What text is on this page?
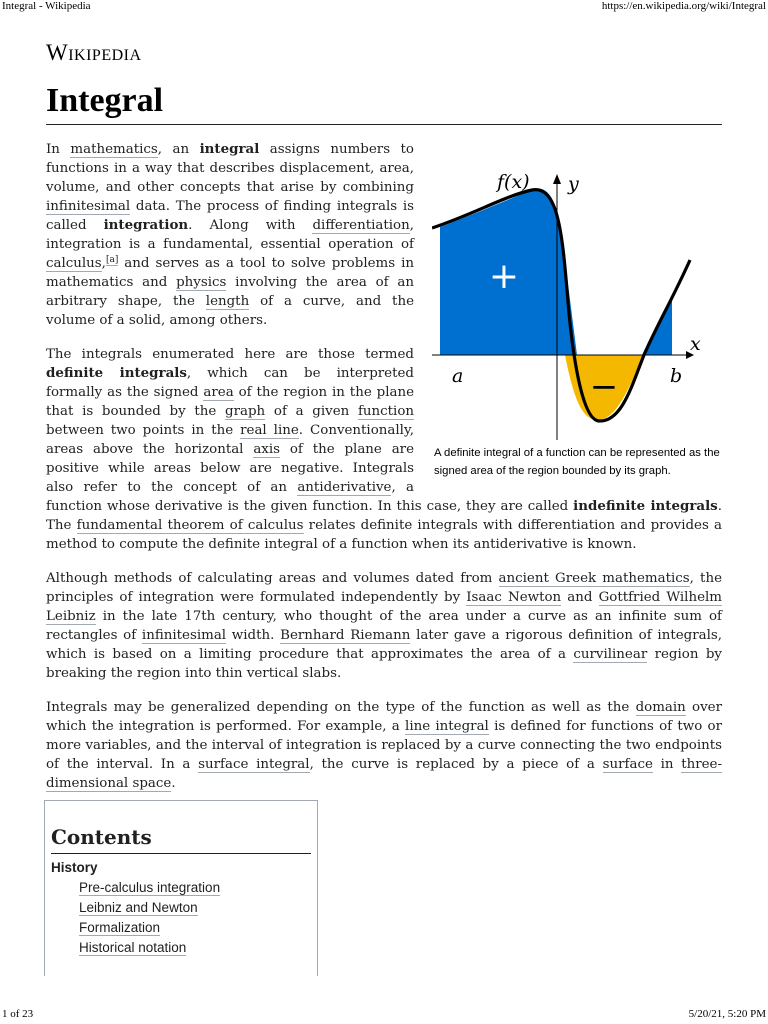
Integral - Wikipedia	https://en.wikipedia.org/wiki/Integral
Wikipedia
Integral
f(x) y
x
a	b
+
−
A definite integral of a function can be represented as the signed area of the region bounded by its graph.

In mathematics, an integral assigns numbers to functions in a way that describes displacement, area, volume, and other concepts that arise by combining infinitesimal data. The process of finding integrals is called integration. Along with differentiation, integration is a fundamental, essential operation of calculus,[a] and serves as a tool to solve problems in mathematics and physics involving the area of an arbitrary shape, the length of a curve, and the volume of a solid, among others.

The integrals enumerated here are those termed definite integrals, which can be interpreted formally as the signed area of the region in the plane that is bounded by the graph of a given function between two points in the real line. Conventionally, areas above the horizontal axis of the plane are positive while areas below are negative. Integrals also refer to the concept of an antiderivative, a function whose derivative is the given function. In this case, they are called indefinite integrals. The fundamental theorem of calculus relates definite integrals with differentiation and provides a method to compute the definite integral of a function when its antiderivative is known.

Although methods of calculating areas and volumes dated from ancient Greek mathematics, the principles of integration were formulated independently by Isaac Newton and Gottfried Wilhelm Leibniz in the late 17th century, who thought of the area under a curve as an infinite sum of rectangles of infinitesimal width. Bernhard Riemann later gave a rigorous definition of integrals, which is based on a limiting procedure that approximates the area of a curvilinear region by breaking the region into thin vertical slabs.

Integrals may be generalized depending on the type of the function as well as the domain over which the integration is performed. For example, a line integral is defined for functions of two or more variables, and the interval of integration is replaced by a curve connecting the two endpoints of the interval. In a surface integral, the curve is replaced by a piece of a surface in three-dimensional space.

Contents
History
Pre-calculus integration
Leibniz and Newton
Formalization
Historical notation
1 of 23	5/20/21, 5:20 PM
